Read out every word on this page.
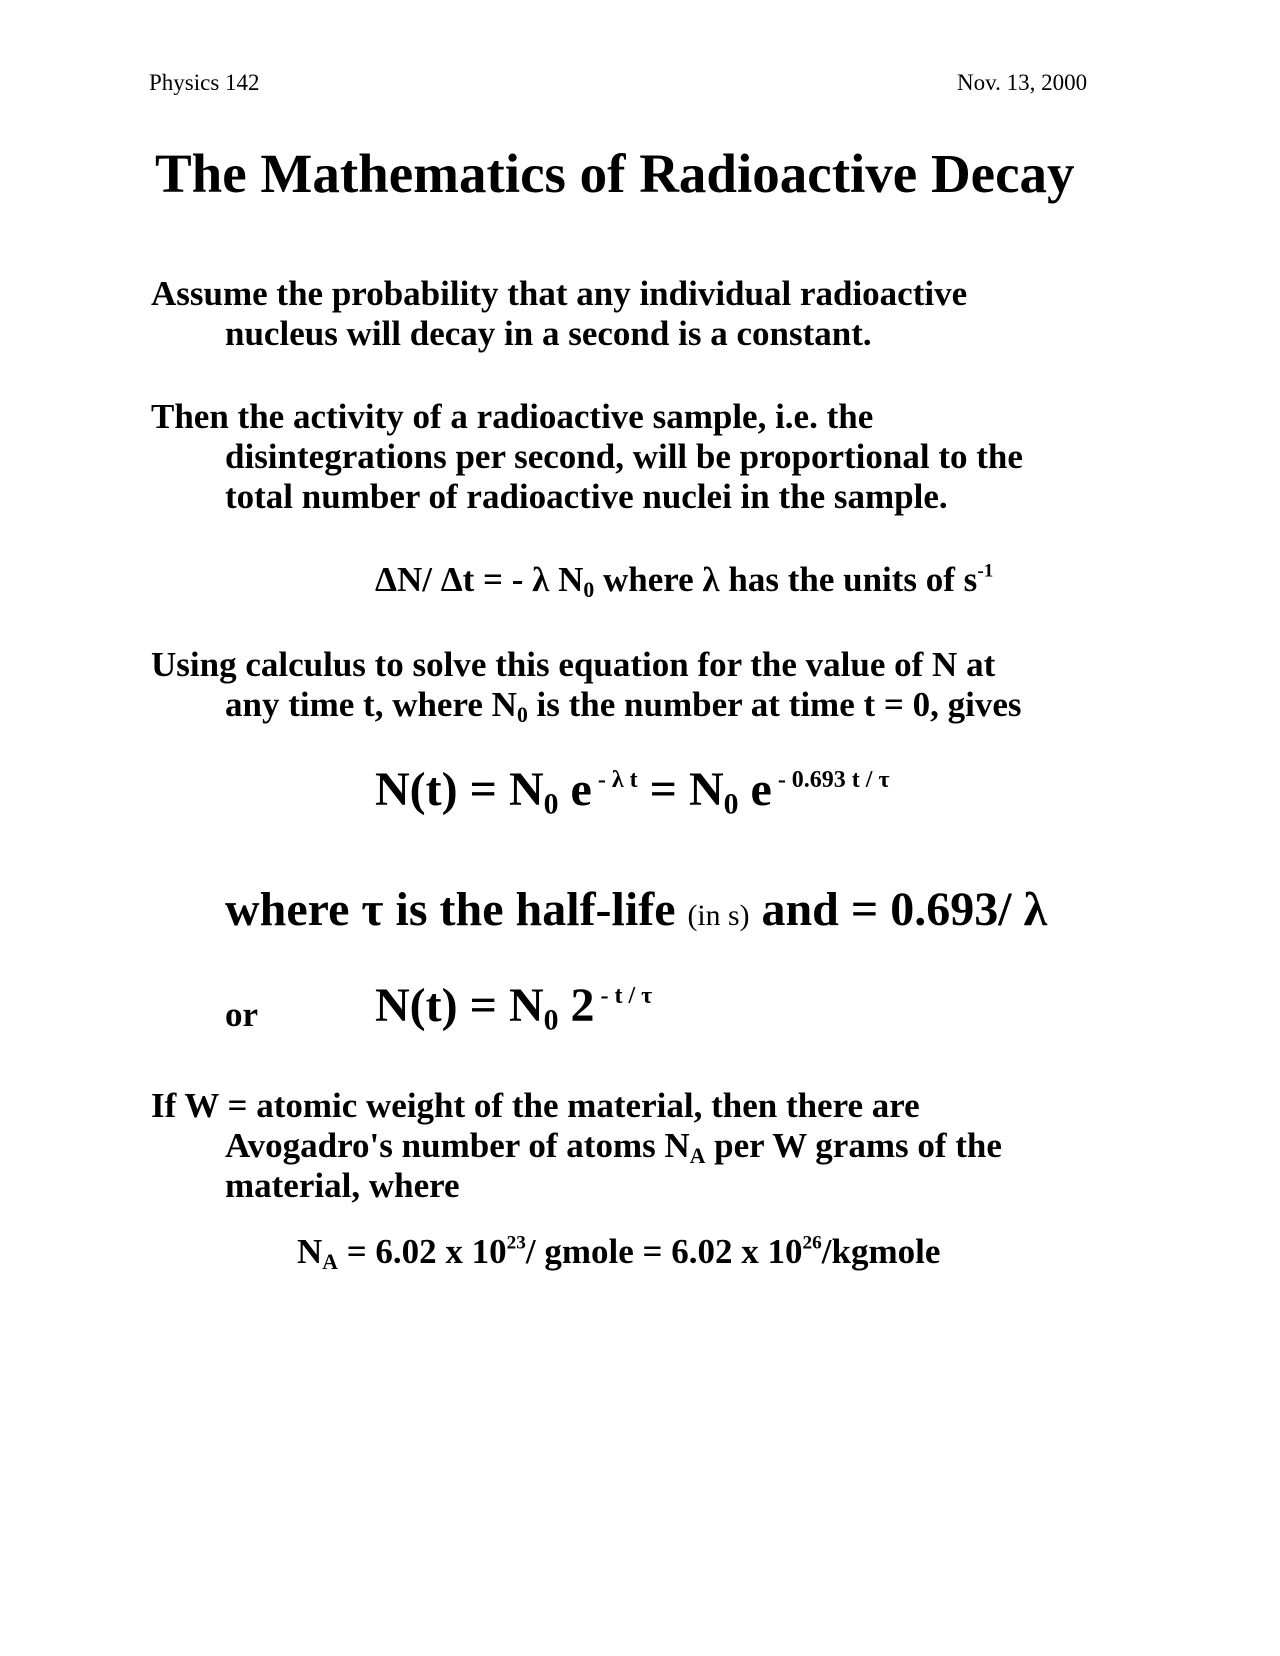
Physics 142	Nov. 13, 2000
The Mathematics of Radioactive Decay
Assume the probability that any individual radioactive
nucleus will decay in a second is a constant.
Then the activity of a radioactive sample, i.e. the
disintegrations per second, will be proportional to the
total number of radioactive nuclei in the sample.
ΔN/ Δt = - λ $N_0$ where λ has the units of $s^{-1}$
Using calculus to solve this equation for the value of N at
any time t, where $N_0$ is the number at time t = 0, gives
$N(t) = N_0$ e $^{- \lambda t} = N_0$ e $^{- 0.693 t / \tau}$
where τ is the half-life (in s) and = 0.693/ λ
or $N(t) = N_0$ 2 $^{- t / \tau}$
If W = atomic weight of the material, then there are
Avogadro's number of atoms $N_A$ per W grams of the
material, where
$N_A = 6.02$ x $10^{23}/$ gmole = 6.02 x $10^{26}$/kgmole
